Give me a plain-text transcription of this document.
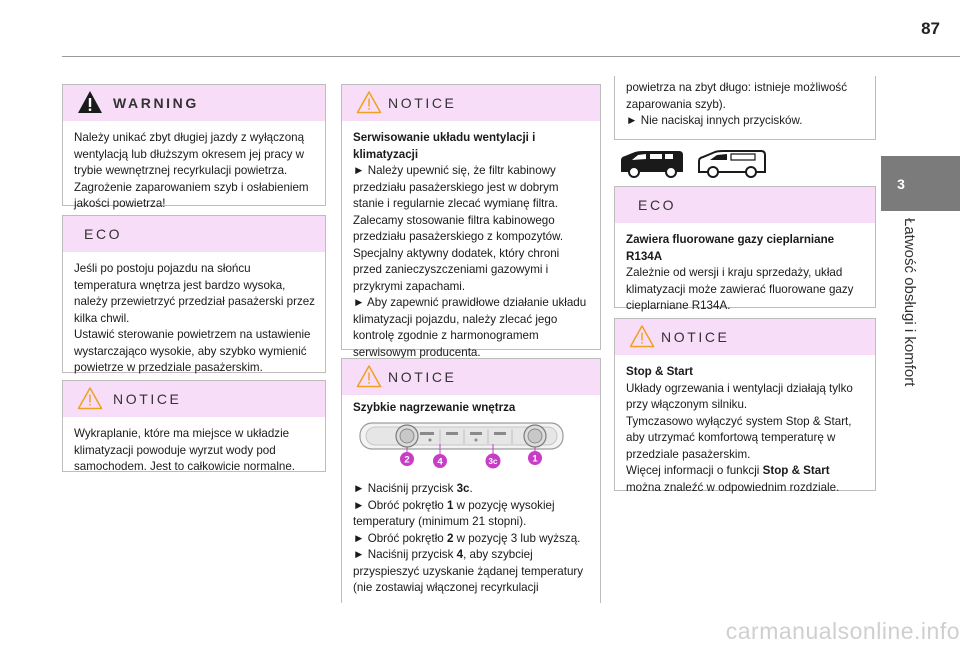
87
3
Łatwość obsługi i komfort
WARNING

Należy unikać zbyt długiej jazdy z wyłączoną wentylacją lub dłuższym okresem jej pracy w trybie wewnętrznej recyrkulacji powietrza. Zagrożenie zaparowaniem szyb i osłabieniem jakości powietrza!

ECO

Jeśli po postoju pojazdu na słońcu temperatura wnętrza jest bardzo wysoka, należy przewietrzyć przedział pasażerski przez kilka chwil.

Ustawić sterowanie powietrzem na ustawienie wystarczająco wysokie, aby szybko wymienić powietrze w przedziale pasażerskim.

NOTICE

Wykraplanie, które ma miejsce w układzie klimatyzacji powoduje wyrzut wody pod samochodem. Jest to całkowicie normalne.

NOTICE

Serwisowanie układu wentylacji i klimatyzacji

► Należy upewnić się, że filtr kabinowy przedziału pasażerskiego jest w dobrym stanie i regularnie zlecać wymianę filtra.

Zalecamy stosowanie filtra kabinowego przedziału pasażerskiego z kompozytów. Specjalny aktywny dodatek, który chroni przed zanieczyszczeniami gazowymi i przykrymi zapachami.

► Aby zapewnić prawidłowe działanie układu klimatyzacji pojazdu, należy zlecać jego kontrolę zgodnie z harmonogramem serwisowym producenta.

NOTICE

Szybkie nagrzewanie wnętrza

► Naciśnij przycisk 3c.

► Obróć pokrętło 1 w pozycję wysokiej temperatury (minimum 21 stopni).

► Obróć pokrętło 2 w pozycję 3 lub wyższą.

► Naciśnij przycisk 4, aby szybciej przyspieszyć uzyskanie żądanej temperatury (nie zostawiaj włączonej recyrkulacji

2	4	3c	1

powietrza na zbyt długo: istnieje możliwość zaparowania szyb).

► Nie naciskaj innych przycisków.

ECO

Zawiera fluorowane gazy cieplarniane R134A

Zależnie od wersji i kraju sprzedaży, układ klimatyzacji może zawierać fluorowane gazy cieplarniane R134A.

NOTICE

Stop & Start

Układy ogrzewania i wentylacji działają tylko przy włączonym silniku.

Tymczasowo wyłączyć system Stop & Start, aby utrzymać komfortową temperaturę w przedziale pasażerskim.

Więcej informacji o funkcji Stop & Start można znaleźć w odpowiednim rozdziale.

carmanualsonline.info
